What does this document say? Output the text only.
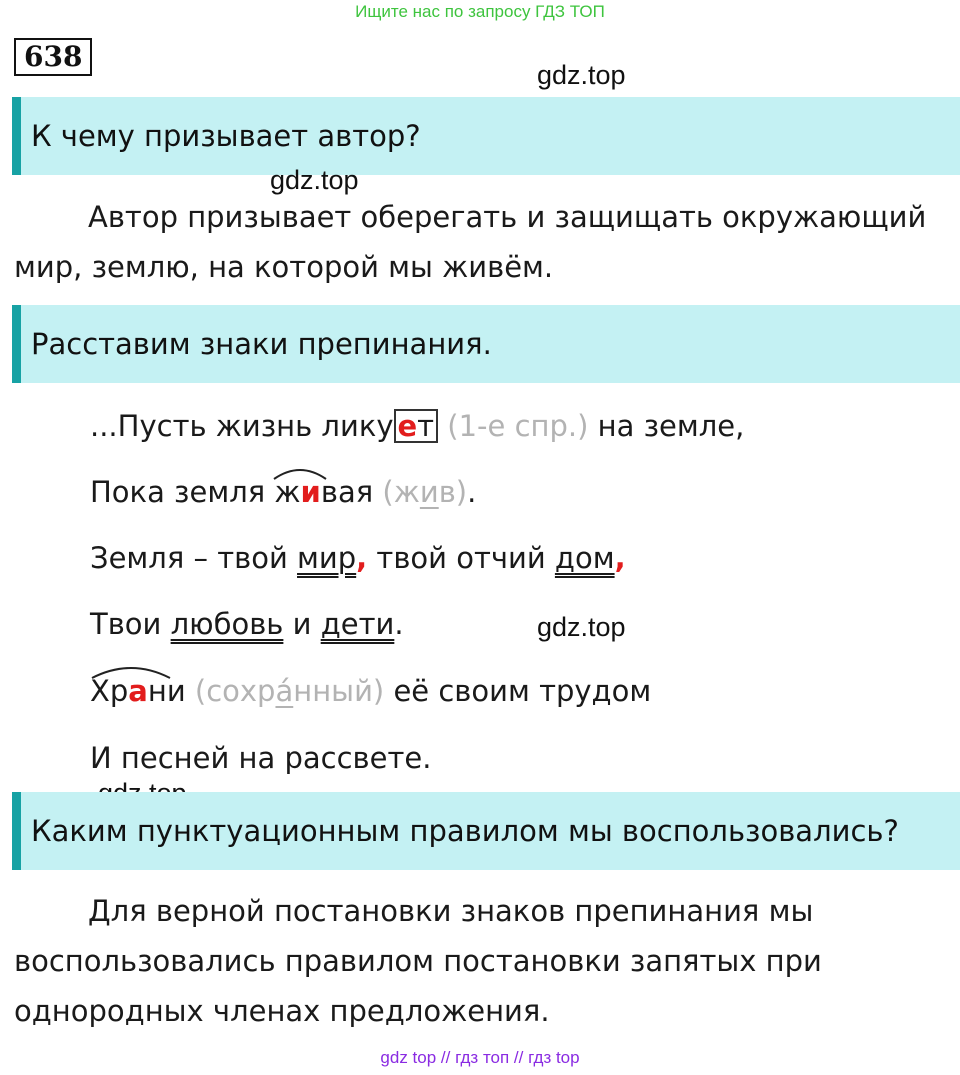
Ищите нас по запросу ГДЗ ТОП
638
gdz.top
К чему призывает автор?
gdz.top
Автор призывает оберегать и защищать окружающий
мир, землю, на которой мы живём.
Расставим знаки препинания.
...Пусть жизнь лику ет (1-е спр.) на земле,
Пока земля
живая (жив).
Земля – твой мир, твой отчий дом,
Твои любовь и дети.	gdz.top
Храни (сохра́нный) её своим трудом
И песней на рассвете.
Каким пунктуационным правилом мы воспользовались?
Для верной постановки знаков препинания мы
воспользовались правилом постановки запятых при
однородных членах предложения.
gdz top // гдз топ // гдз top
